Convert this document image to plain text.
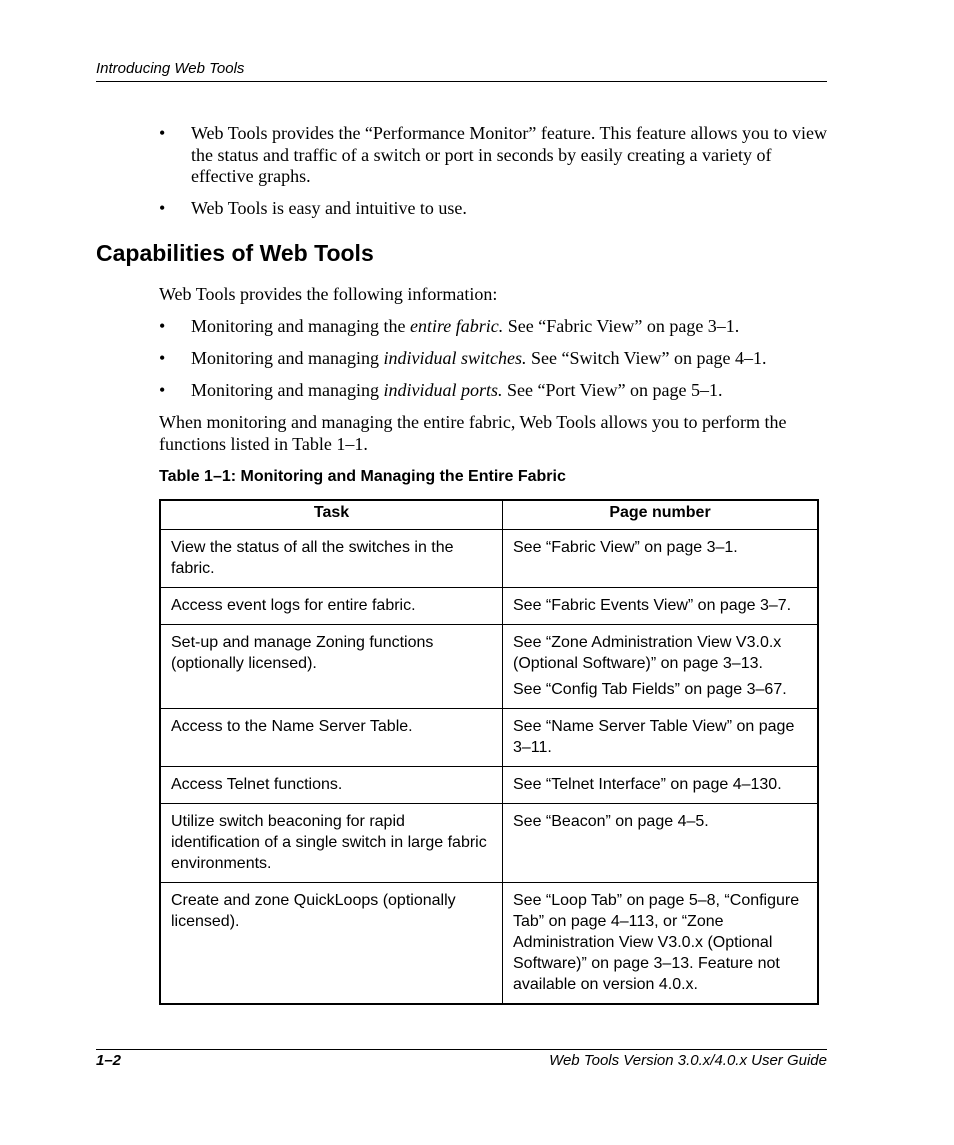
Introducing Web Tools
• Web Tools provides the “Performance Monitor” feature. This feature allows you to view the status and traffic of a switch or port in seconds by easily creating a variety of effective graphs.
• Web Tools is easy and intuitive to use.
Capabilities of Web Tools
Web Tools provides the following information:
• Monitoring and managing the entire fabric. See “Fabric View” on page 3–1.
• Monitoring and managing individual switches. See “Switch View” on page 4–1.
• Monitoring and managing individual ports. See “Port View” on page 5–1.
When monitoring and managing the entire fabric, Web Tools allows you to perform the functions listed in Table 1–1.
Table 1–1: Monitoring and Managing the Entire Fabric
Task	Page number
View the status of all the switches in the fabric.	See “Fabric View” on page 3–1.

Access event logs for entire fabric.	See “Fabric Events View” on page 3–7.

Set-up and manage Zoning functions (optionally licensed).	See “Zone Administration View V3.0.x (Optional Software)” on page 3–13.
See “Config Tab Fields” on page 3–67.

Access to the Name Server Table.	See “Name Server Table View” on page 3–11.

Access Telnet functions.	See “Telnet Interface” on page 4–130.

Utilize switch beaconing for rapid identification of a single switch in large fabric environments.	See “Beacon” on page 4–5.

Create and zone QuickLoops (optionally licensed).	See “Loop Tab” on page 5–8, “Configure Tab” on page 4–113, or “Zone Administration View V3.0.x (Optional Software)” on page 3–13. Feature not available on version 4.0.x.
1–2	Web Tools Version 3.0.x/4.0.x User Guide
